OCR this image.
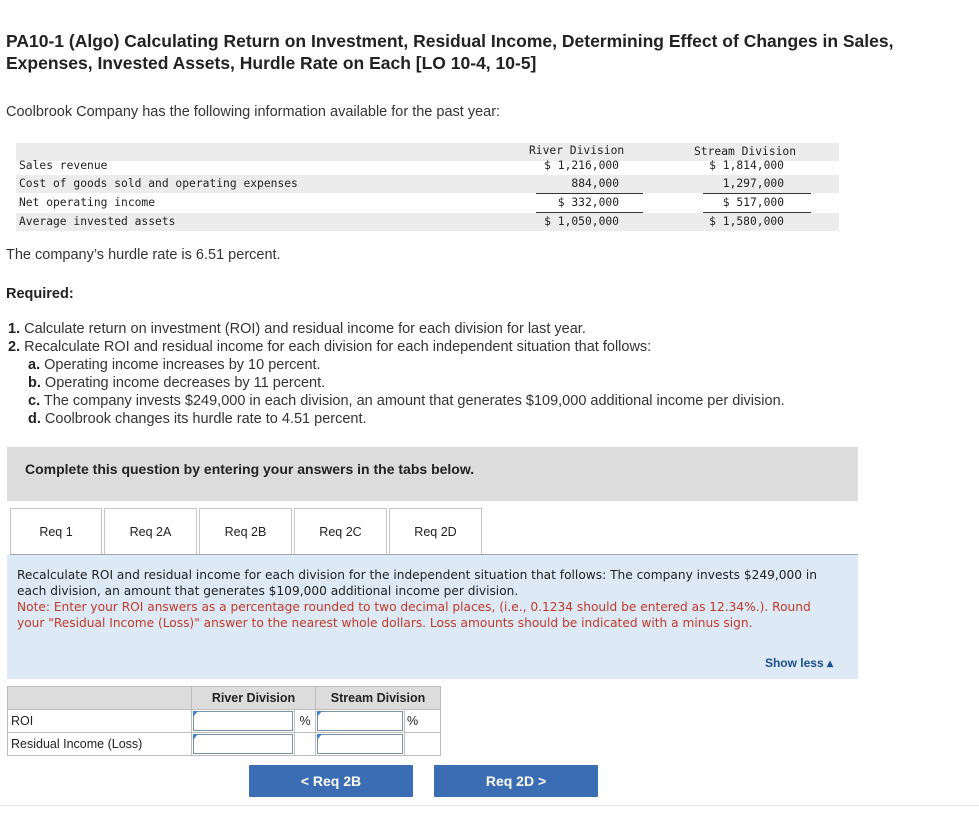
PA10-1 (Algo) Calculating Return on Investment, Residual Income, Determining Effect of Changes in Sales, Expenses, Invested Assets, Hurdle Rate on Each [LO 10-4, 10-5]
Coolbrook Company has the following information available for the past year:
River Division	Stream Division
Sales revenue	$ 1,216,000	$ 1,814,000
Cost of goods sold and operating expenses	884,000	1,297,000
Net operating income	$ 332,000	$ 517,000
Average invested assets	$ 1,050,000	$ 1,580,000
The company’s hurdle rate is 6.51 percent.
Required:
1. Calculate return on investment (ROI) and residual income for each division for last year.
2. Recalculate ROI and residual income for each division for each independent situation that follows:
a. Operating income increases by 10 percent.
b. Operating income decreases by 11 percent.
c. The company invests $249,000 in each division, an amount that generates $109,000 additional income per division.
d. Coolbrook changes its hurdle rate to 4.51 percent.
Complete this question by entering your answers in the tabs below.
Req 1	Req 2A	Req 2B	Req 2C	Req 2D
Recalculate ROI and residual income for each division for the independent situation that follows: The company invests $249,000 in each division, an amount that generates $109,000 additional income per division.
Note: Enter your ROI answers as a percentage rounded to two decimal places, (i.e., 0.1234 should be entered as 12.34%.). Round your "Residual Income (Loss)" answer to the nearest whole dollars. Loss amounts should be indicated with a minus sign.
Show less ▴
	River Division		Stream Division	
ROI		%		%
Residual Income (Loss)	

< Req 2B	Req 2D >
